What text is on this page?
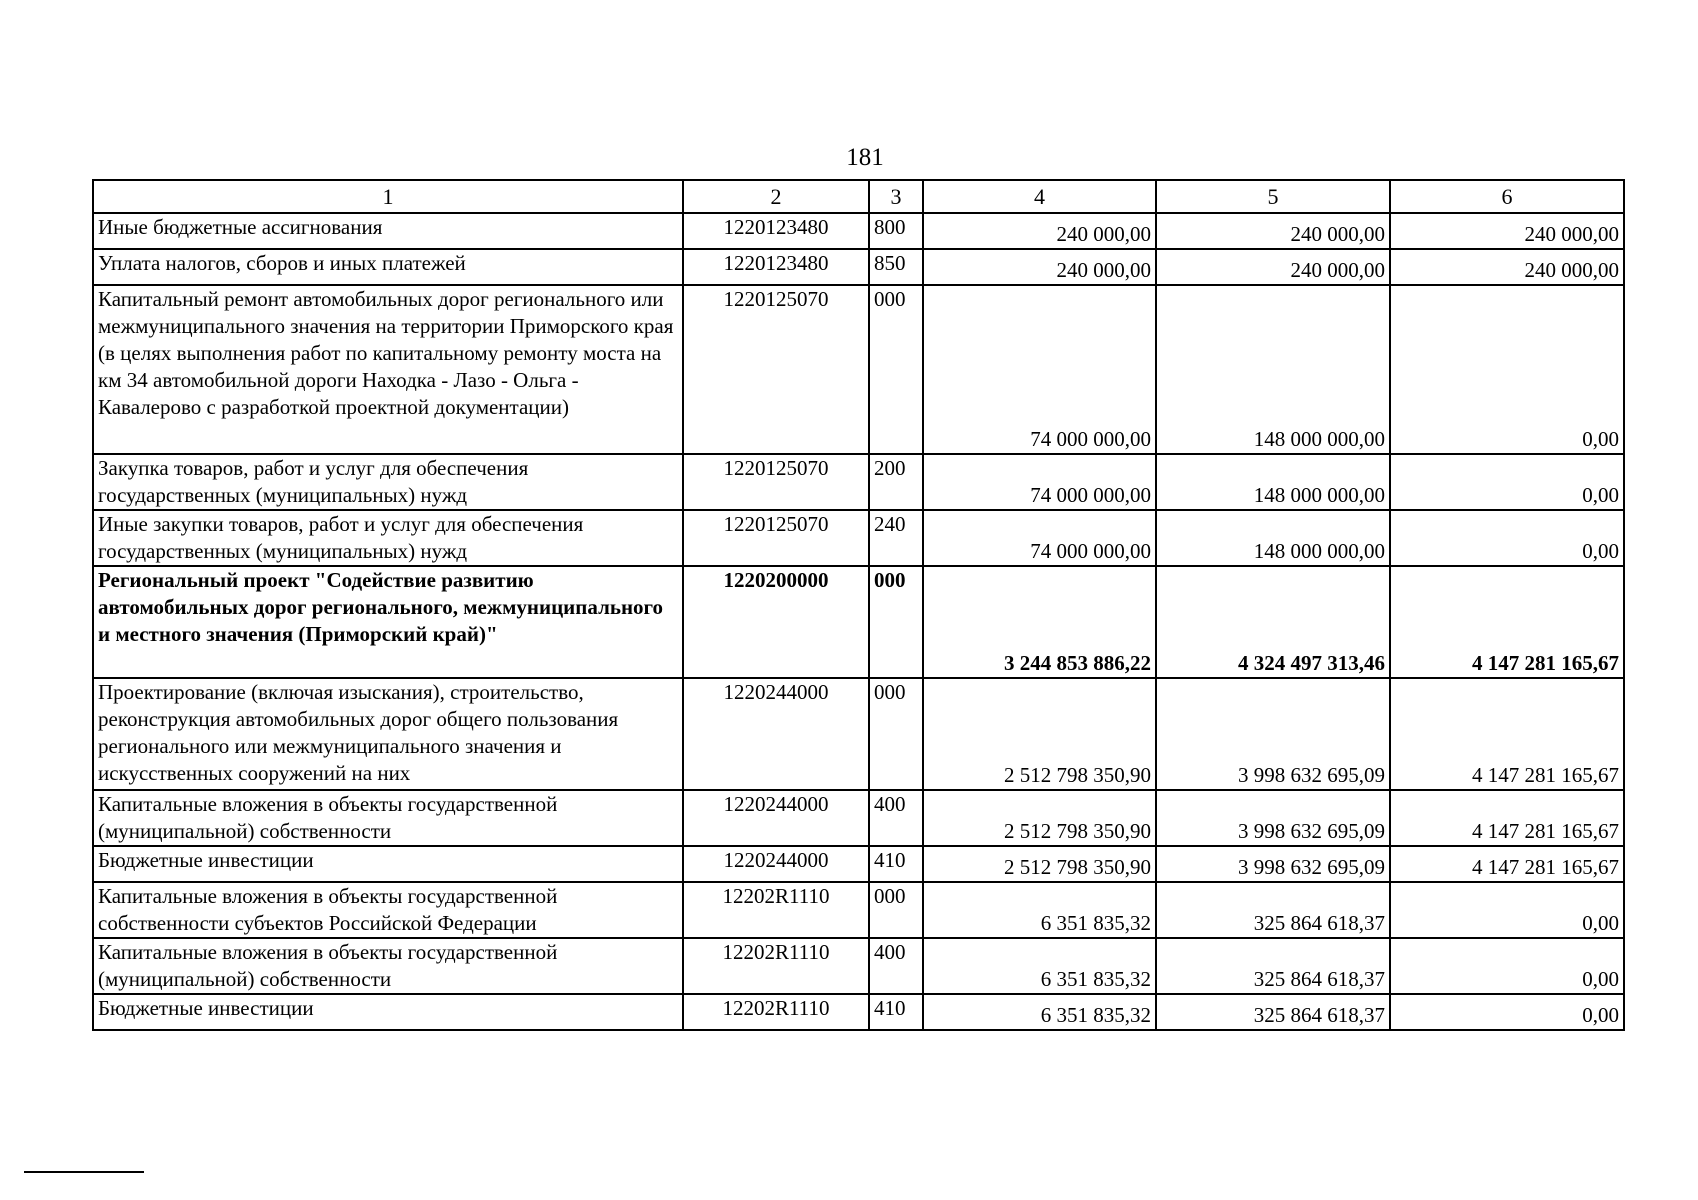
181
1	2	3	4	5	6
Иные бюджетные ассигнования	1220123480	800	240 000,00	240 000,00	240 000,00
Уплата налогов, сборов и иных платежей	1220123480	850	240 000,00	240 000,00	240 000,00
Капитальный ремонт автомобильных дорог регионального или межмуниципального значения на территории Приморского края (в целях выполнения работ по капитальному ремонту моста на км 34 автомобильной дороги Находка - Лазо - Ольга - Кавалерово с разработкой проектной документации)	1220125070	000	74 000 000,00	148 000 000,00	0,00
Закупка товаров, работ и услуг для обеспечения государственных (муниципальных) нужд	1220125070	200	74 000 000,00	148 000 000,00	0,00
Иные закупки товаров, работ и услуг для обеспечения государственных (муниципальных) нужд	1220125070	240	74 000 000,00	148 000 000,00	0,00
Региональный проект "Содействие развитию автомобильных дорог регионального, межмуниципального и местного значения (Приморский край)"	1220200000	000	3 244 853 886,22	4 324 497 313,46	4 147 281 165,67
Проектирование (включая изыскания), строительство, реконструкция автомобильных дорог общего пользования регионального или межмуниципального значения и искусственных сооружений на них	1220244000	000	2 512 798 350,90	3 998 632 695,09	4 147 281 165,67
Капитальные вложения в объекты государственной (муниципальной) собственности	1220244000	400	2 512 798 350,90	3 998 632 695,09	4 147 281 165,67
Бюджетные инвестиции	1220244000	410	2 512 798 350,90	3 998 632 695,09	4 147 281 165,67
Капитальные вложения в объекты государственной собственности субъектов Российской Федерации	12202R1110	000	6 351 835,32	325 864 618,37	0,00
Капитальные вложения в объекты государственной (муниципальной) собственности	12202R1110	400	6 351 835,32	325 864 618,37	0,00
Бюджетные инвестиции	12202R1110	410	6 351 835,32	325 864 618,37	0,00
